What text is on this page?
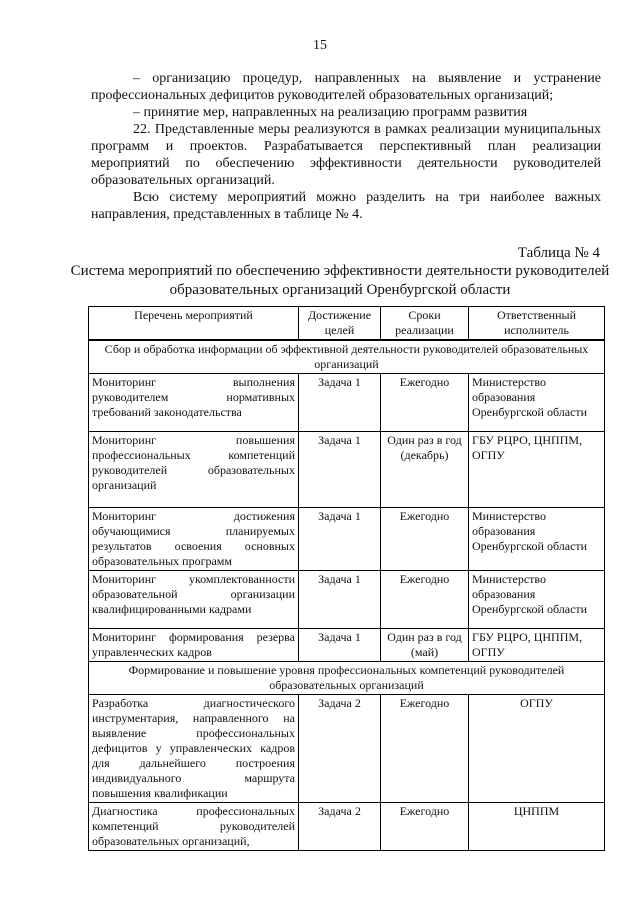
15

– организацию процедур, направленных на выявление и устранение профессиональных дефицитов руководителей образовательных организаций;

– принятие мер, направленных на реализацию программ развития

22. Представленные меры реализуются в рамках реализации муниципальных программ и проектов. Разрабатывается перспективный план реализации мероприятий по обеспечению эффективности деятельности руководителей образовательных организаций.

Всю систему мероприятий можно разделить на три наиболее важных направления, представленных в таблице № 4.

Таблица № 4
Система мероприятий по обеспечению эффективности деятельности руководителей образовательных организаций Оренбургской области
Перечень мероприятий	Достижение целей	Сроки реализации	Ответственный исполнитель
Сбор и обработка информации об эффективной деятельности руководителей образовательных организаций			
Мониторинг выполнения руководителем нормативных требований законодательства	Задача 1	Ежегодно	Министерство образования Оренбургской области
Мониторинг повышения профессиональных компетенций руководителей образовательных организаций	Задача 1	Один раз в год (декабрь)	ГБУ РЦРО, ЦНППМ, ОГПУ
Мониторинг достижения обучающимися планируемых результатов освоения основных образовательных программ	Задача 1	Ежегодно	Министерство образования Оренбургской области
Мониторинг укомплектованности образовательной организации квалифицированными кадрами	Задача 1	Ежегодно	Министерство образования Оренбургской области
Мониторинг формирования резерва управленческих кадров	Задача 1	Один раз в год (май)	ГБУ РЦРО, ЦНППМ, ОГПУ
Формирование и повышение уровня профессиональных компетенций руководителей образовательных организаций			
Разработка диагностического инструментария, направленного на выявление профессиональных дефицитов у управленческих кадров для дальнейшего построения индивидуального маршрута повышения квалификации	Задача 2	Ежегодно	ОГПУ
Диагностика профессиональных компетенций руководителей образовательных организаций,	Задача 2	Ежегодно	ЦНППМ
